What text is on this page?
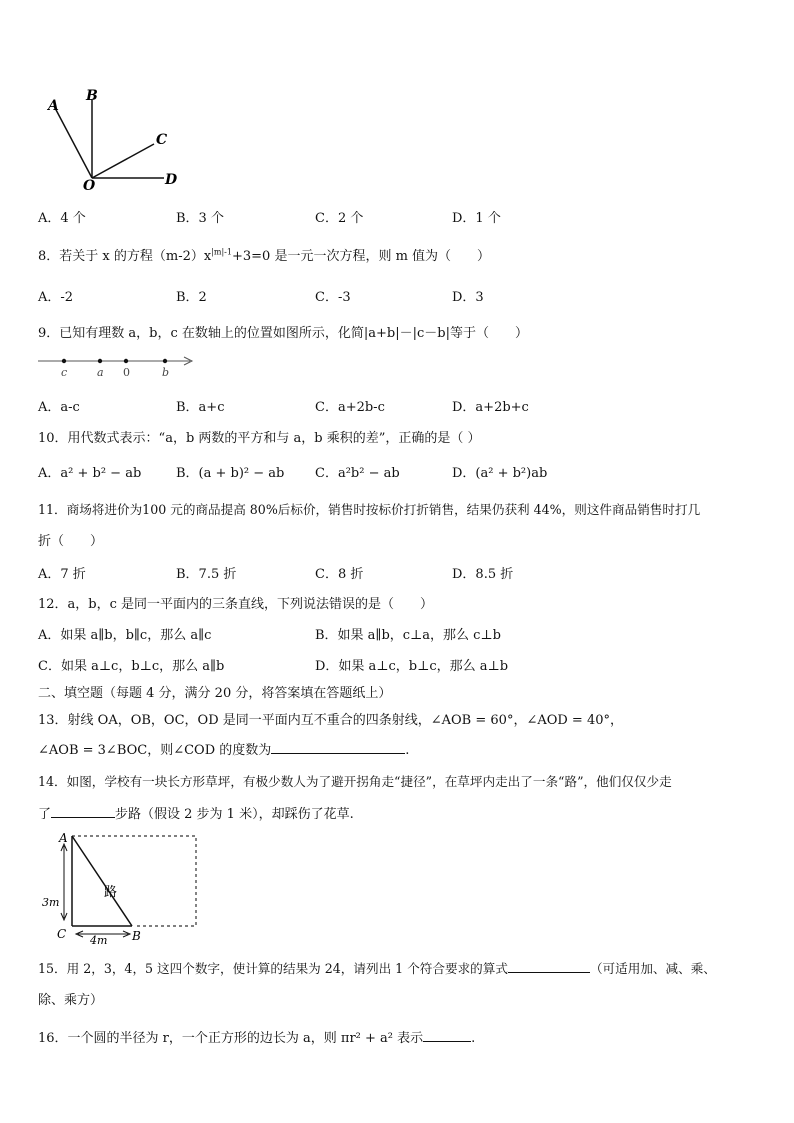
A
B
C
D
O
A．4 个	B．3 个	C．2 个	D．1 个
8．若关于 x 的方程$(m-2)x^{|m|-1}+3=0$ 是一元一次方程，则 m 值为（　　）
A．-2	B．2	C．-3	D．3
9．已知有理数 a，b，c 在数轴上的位置如图所示，化简|a+b|－|c－b|等于（　　）
c	a 0	b
A．a-c	B．a+c	C．a+2b-c	D．a+2b+c
10．用代数式表示：“a，b 两数的平方和与 a，b 乘积的差”，正确的是（ ）
A．a² + b² − ab	B．(a + b)² − ab C．a²b² − ab	D．(a² + b²)ab
11．商场将进价为100 元的商品提高 80%后标价，销售时按标价打折销售，结果仍获利 44%，则这件商品销售时打几
折（　　）
A．7 折	B．7.5 折	C．8 折	D．8.5 折
12．a，b，c 是同一平面内的三条直线，下列说法错误的是（　　）
A．如果 a∥b，b∥c，那么 a∥c	B．如果 a∥b，c⊥a，那么 c⊥b
C．如果 a⊥c，b⊥c，那么 a∥b	D．如果 a⊥c，b⊥c，那么 a⊥b
二、填空题（每题 4 分，满分 20 分，将答案填在答题纸上）
13．射线 OA，OB，OC，OD 是同一平面内互不重合的四条射线，∠AOB = 60°，∠AOD = 40°，
∠AOB = 3∠BOC，则∠COD 的度数为	.
14．如图，学校有一块长方形草坪，有极少数人为了避开拐角走“捷径”，在草坪内走出了一条“路”，他们仅仅少走
了	步路（假设 2 步为 1 米），却踩伤了花草.
A
C	B
路
3m
4m
15．用 2，3，4，5 这四个数字，使计算的结果为 24，请列出 1 个符合要求的算式	（可适用加、减、乘、
除、乘方）
16．一个圆的半径为 r，一个正方形的边长为 a，则 πr² + a² 表示	.
